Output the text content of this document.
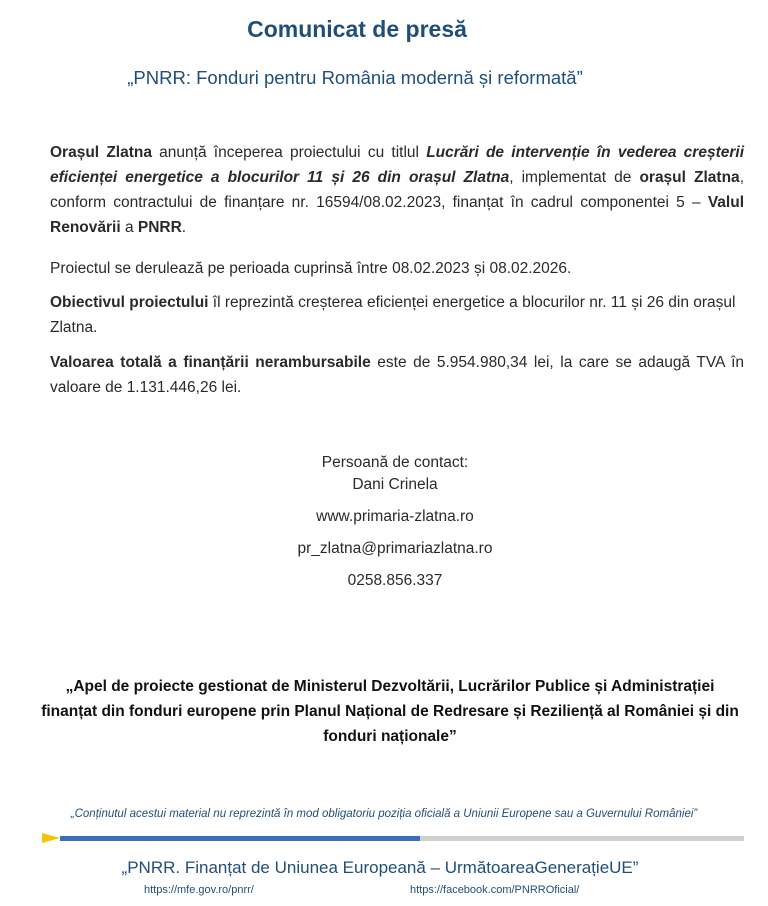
Comunicat de presă
„PNRR: Fonduri pentru România modernă și reformată”
Orașul Zlatna anunță începerea proiectului cu titlul Lucrări de intervenție în vederea creșterii eficienței energetice a blocurilor 11 și 26 din orașul Zlatna, implementat de orașul Zlatna, conform contractului de finanțare nr. 16594/08.02.2023, finanțat în cadrul componentei 5 – Valul Renovării a PNRR.
Proiectul se derulează pe perioada cuprinsă între 08.02.2023 și 08.02.2026.
Obiectivul proiectului îl reprezintă creșterea eficienței energetice a blocurilor nr. 11 și 26 din orașul Zlatna.
Valoarea totală a finanțării nerambursabile este de 5.954.980,34 lei, la care se adaugă TVA în valoare de 1.131.446,26 lei.
Persoană de contact:
Dani Crinela
www.primaria-zlatna.ro
pr_zlatna@primariazlatna.ro
0258.856.337
„Apel de proiecte gestionat de Ministerul Dezvoltării, Lucrărilor Publice și Administrației finanțat din fonduri europene prin Planul Național de Redresare și Reziliență al României și din fonduri naționale”
„Conținutul acestui material nu reprezintă în mod obligatoriu poziția oficială a Uniunii Europene sau a Guvernului României”
„PNRR. Finanțat de Uniunea Europeană – UrmătoareaGenerațieUE”
https://mfe.gov.ro/pnrr/	https://facebook.com/PNRROficial/
